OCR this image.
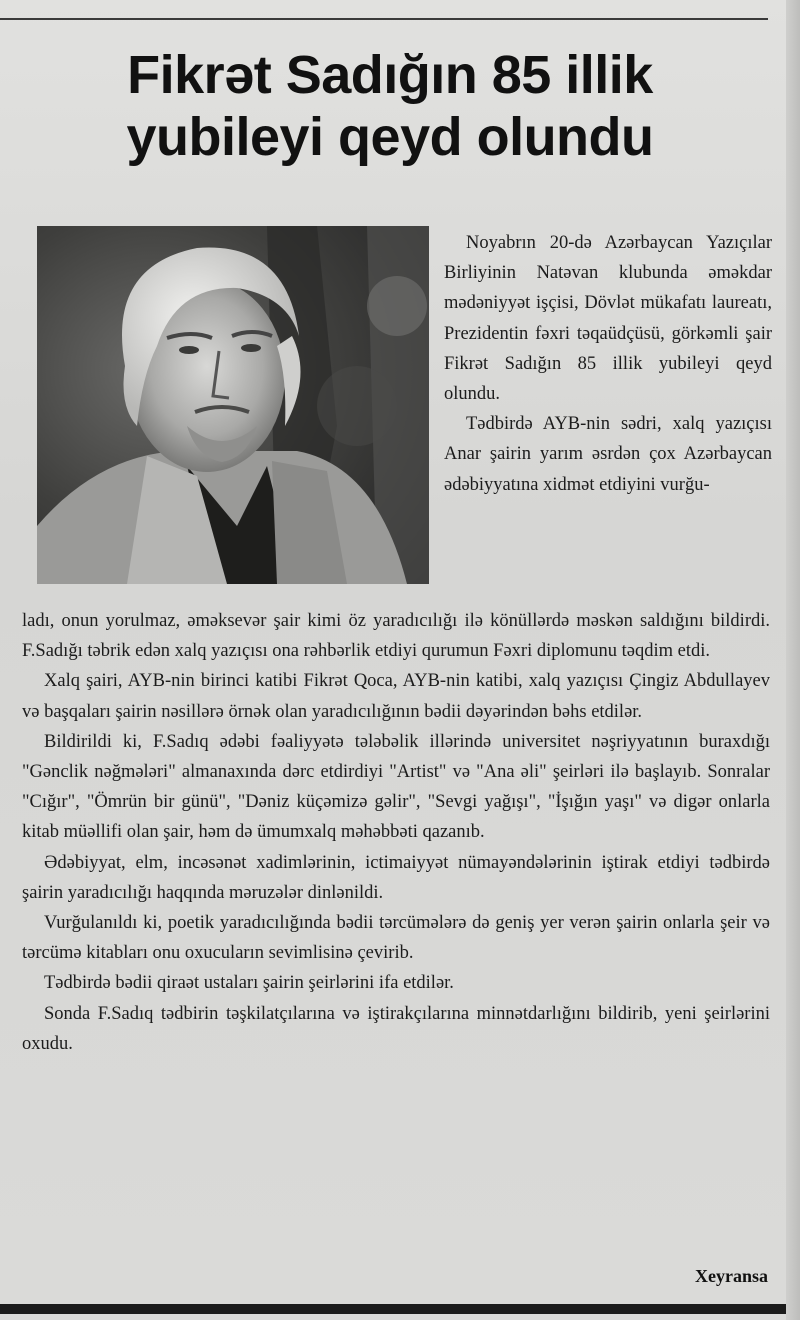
Fikrət Sadığın 85 illik
yubileyi qeyd olundu

Noyabrın 20-də Azərbaycan Yazıçılar Birliyinin Natəvan klubunda əməkdar mədəniyyət işçisi, Dövlət mükafatı laureatı, Prezidentin fəxri təqaüdçüsü, görkəmli şair Fikrət Sadığın 85 illik yubileyi qeyd olundu.

Tədbirdə AYB-nin sədri, xalq yazıçısı Anar şairin yarım əsrdən çox Azərbaycan ədəbiyyatına xidmət etdiyini vurğu-

ladı, onun yorulmaz, əməksevər şair kimi öz yaradıcılığı ilə könüllərdə məskən saldığını bildirdi. F.Sadığı təbrik edən xalq yazıçısı ona rəhbərlik etdiyi qurumun Fəxri diplomunu təqdim etdi.

Xalq şairi, AYB-nin birinci katibi Fikrət Qoca, AYB-nin katibi, xalq yazıçısı Çingiz Abdullayev və başqaları şairin nəsillərə örnək olan yaradıcılığının bədii dəyərindən bəhs etdilər.

Bildirildi ki, F.Sadıq ədəbi fəaliyyətə tələbəlik illərində universitet nəşriyyatının buraxdığı "Gənclik nəğmələri" almanaxında dərc etdirdiyi "Artist" və "Ana əli" şeirləri ilə başlayıb. Sonralar "Cığır", "Ömrün bir günü", "Dəniz küçəmizə gəlir", "Sevgi yağışı", "İşığın yaşı" və digər onlarla kitab müəllifi olan şair, həm də ümumxalq məhəbbəti qazanıb.

Ədəbiyyat, elm, incəsənət xadimlərinin, ictimaiyyət nümayəndələrinin iştirak etdiyi tədbirdə şairin yaradıcılığı haqqında məruzələr dinlənildi.

Vurğulanıldı ki, poetik yaradıcılığında bədii tərcümələrə də geniş yer verən şairin onlarla şeir və tərcümə kitabları onu oxucuların sevimlisinə çevirib.

Tədbirdə bədii qiraət ustaları şairin şeirlərini ifa etdilər.

Sonda F.Sadıq tədbirin təşkilatçılarına və iştirakçılarına minnətdarlığını bildirib, yeni şeirlərini oxudu.

Xeyransa
